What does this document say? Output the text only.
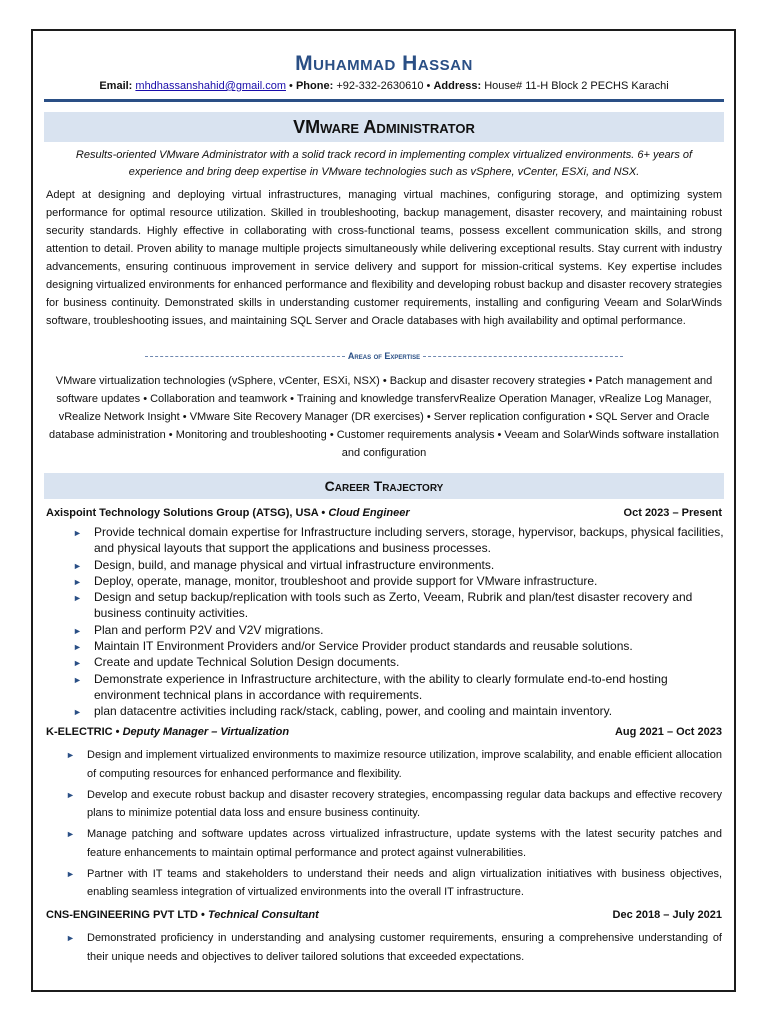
Muhammad Hassan
Email: mhdhassanshahid@gmail.com • Phone: +92-332-2630610 • Address: House# 11-H Block 2 PECHS Karachi
VMware Administrator
Results-oriented VMware Administrator with a solid track record in implementing complex virtualized environments. 6+ years of experience and bring deep expertise in VMware technologies such as vSphere, vCenter, ESXi, and NSX.
Adept at designing and deploying virtual infrastructures, managing virtual machines, configuring storage, and optimizing system performance for optimal resource utilization. Skilled in troubleshooting, backup management, disaster recovery, and maintaining robust security standards. Highly effective in collaborating with cross-functional teams, possess excellent communication skills, and strong attention to detail. Proven ability to manage multiple projects simultaneously while delivering exceptional results. Stay current with industry advancements, ensuring continuous improvement in service delivery and support for mission-critical systems. Key expertise includes designing virtualized environments for enhanced performance and flexibility and developing robust backup and disaster recovery strategies for business continuity. Demonstrated skills in understanding customer requirements, installing and configuring Veeam and SolarWinds software, troubleshooting issues, and maintaining SQL Server and Oracle databases with high availability and optimal performance.
Areas of Expertise
VMware virtualization technologies (vSphere, vCenter, ESXi, NSX) • Backup and disaster recovery strategies • Patch management and software updates • Collaboration and teamwork • Training and knowledge transfervRealize Operation Manager, vRealize Log Manager, vRealize Network Insight • VMware Site Recovery Manager (DR exercises) • Server replication configuration • SQL Server and Oracle database administration • Monitoring and troubleshooting • Customer requirements analysis • Veeam and SolarWinds software installation and configuration
Career Trajectory
Axispoint Technology Solutions Group (ATSG), USA • Cloud Engineer	Oct 2023 – Present
► Provide technical domain expertise for Infrastructure including servers, storage, hypervisor, backups, physical facilities, and physical layouts that support the applications and business processes.
► Design, build, and manage physical and virtual infrastructure environments.
► Deploy, operate, manage, monitor, troubleshoot and provide support for VMware infrastructure.
► Design and setup backup/replication with tools such as Zerto, Veeam, Rubrik and plan/test disaster recovery and business continuity activities.
► Plan and perform P2V and V2V migrations.
► Maintain IT Environment Providers and/or Service Provider product standards and reusable solutions.
► Create and update Technical Solution Design documents.
► Demonstrate experience in Infrastructure architecture, with the ability to clearly formulate end-to-end hosting environment technical plans in accordance with requirements.
► plan datacentre activities including rack/stack, cabling, power, and cooling and maintain inventory.
K-ELECTRIC • Deputy Manager – Virtualization	Aug 2021 – Oct 2023
► Design and implement virtualized environments to maximize resource utilization, improve scalability, and enable efficient allocation of computing resources for enhanced performance and flexibility.
► Develop and execute robust backup and disaster recovery strategies, encompassing regular data backups and effective recovery plans to minimize potential data loss and ensure business continuity.
► Manage patching and software updates across virtualized infrastructure, update systems with the latest security patches and feature enhancements to maintain optimal performance and protect against vulnerabilities.
► Partner with IT teams and stakeholders to understand their needs and align virtualization initiatives with business objectives, enabling seamless integration of virtualized environments into the overall IT infrastructure.
CNS-ENGINEERING PVT LTD • Technical Consultant	Dec 2018 – July 2021
► Demonstrated proficiency in understanding and analysing customer requirements, ensuring a comprehensive understanding of their unique needs and objectives to deliver tailored solutions that exceeded expectations.
